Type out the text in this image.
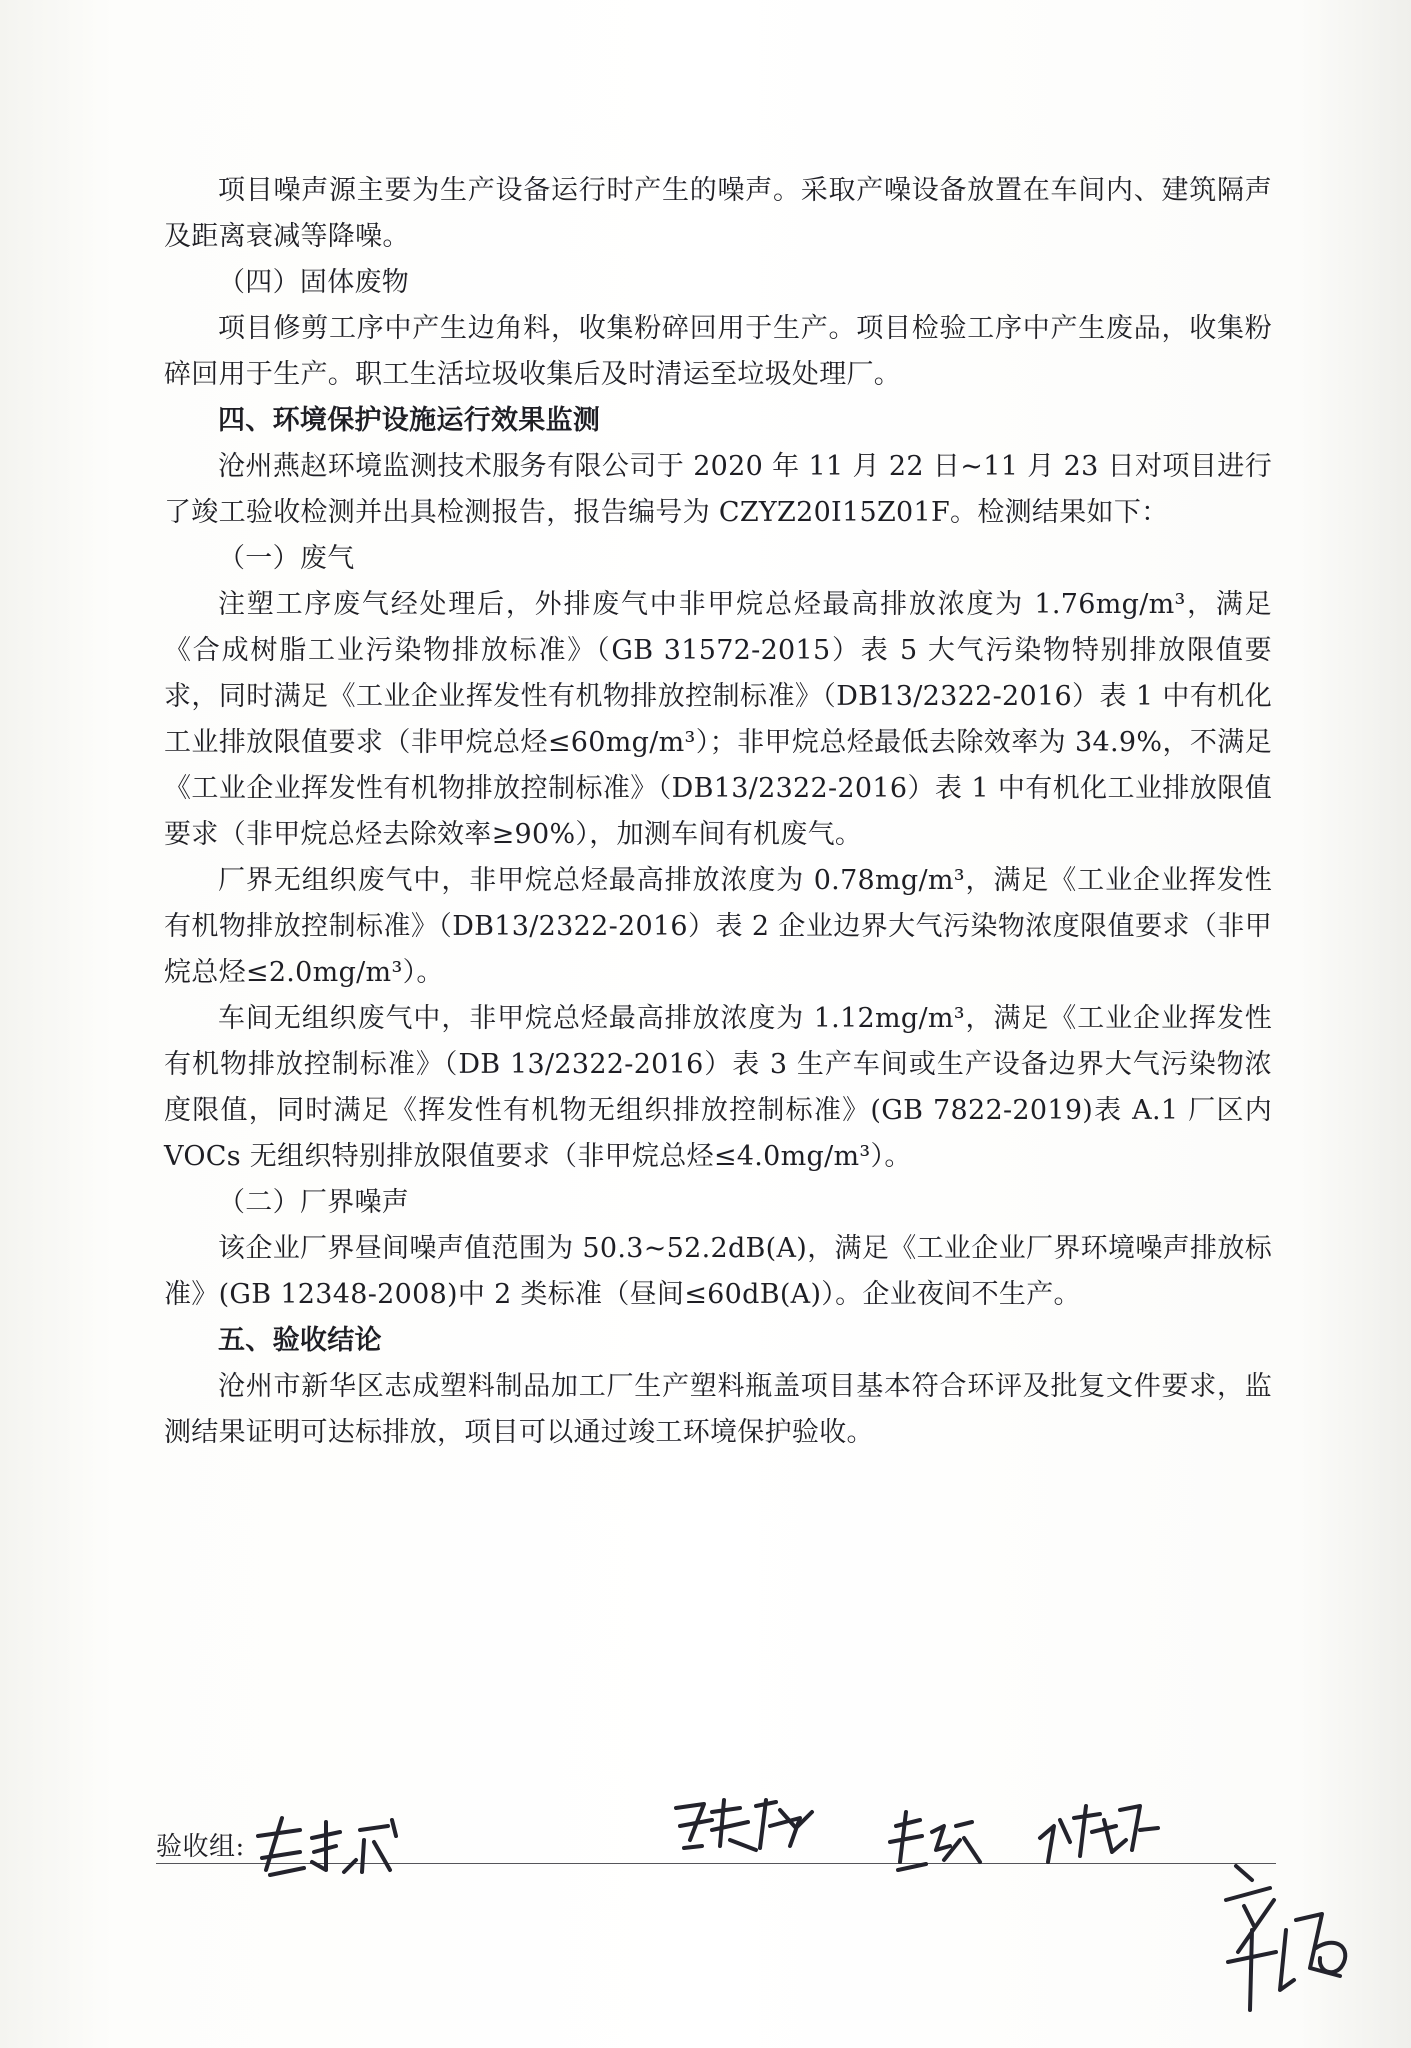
项目噪声源主要为生产设备运行时产生的噪声。采取产噪设备放置在车间内、建筑隔声及距离衰减等降噪。

（四）固体废物

项目修剪工序中产生边角料，收集粉碎回用于生产。项目检验工序中产生废品，收集粉碎回用于生产。职工生活垃圾收集后及时清运至垃圾处理厂。

四、环境保护设施运行效果监测

沧州燕赵环境监测技术服务有限公司于 2020 年 11 月 22 日~11 月 23 日对项目进行了竣工验收检测并出具检测报告，报告编号为 CZYZ20I15Z01F。检测结果如下：

（一）废气

注塑工序废气经处理后，外排废气中非甲烷总烃最高排放浓度为 1.76mg/m³，满足《合成树脂工业污染物排放标准》（GB 31572-2015）表 5 大气污染物特别排放限值要求，同时满足《工业企业挥发性有机物排放控制标准》（DB13/2322-2016）表 1 中有机化工业排放限值要求（非甲烷总烃≤60mg/m³）；非甲烷总烃最低去除效率为 34.9%，不满足《工业企业挥发性有机物排放控制标准》（DB13/2322-2016）表 1 中有机化工业排放限值要求（非甲烷总烃去除效率≥90%），加测车间有机废气。

厂界无组织废气中，非甲烷总烃最高排放浓度为 0.78mg/m³，满足《工业企业挥发性有机物排放控制标准》（DB13/2322-2016）表 2 企业边界大气污染物浓度限值要求（非甲烷总烃≤2.0mg/m³）。

车间无组织废气中，非甲烷总烃最高排放浓度为 1.12mg/m³，满足《工业企业挥发性有机物排放控制标准》（DB 13/2322-2016）表 3 生产车间或生产设备边界大气污染物浓度限值，同时满足《挥发性有机物无组织排放控制标准》(GB 7822-2019)表 A.1 厂区内 VOCs 无组织特别排放限值要求（非甲烷总烃≤4.0mg/m³）。

（二）厂界噪声

该企业厂界昼间噪声值范围为 50.3~52.2dB(A)，满足《工业企业厂界环境噪声排放标准》(GB 12348-2008)中 2 类标准（昼间≤60dB(A)）。企业夜间不生产。

五、验收结论

沧州市新华区志成塑料制品加工厂生产塑料瓶盖项目基本符合环评及批复文件要求，监测结果证明可达标排放，项目可以通过竣工环境保护验收。

验收组:
